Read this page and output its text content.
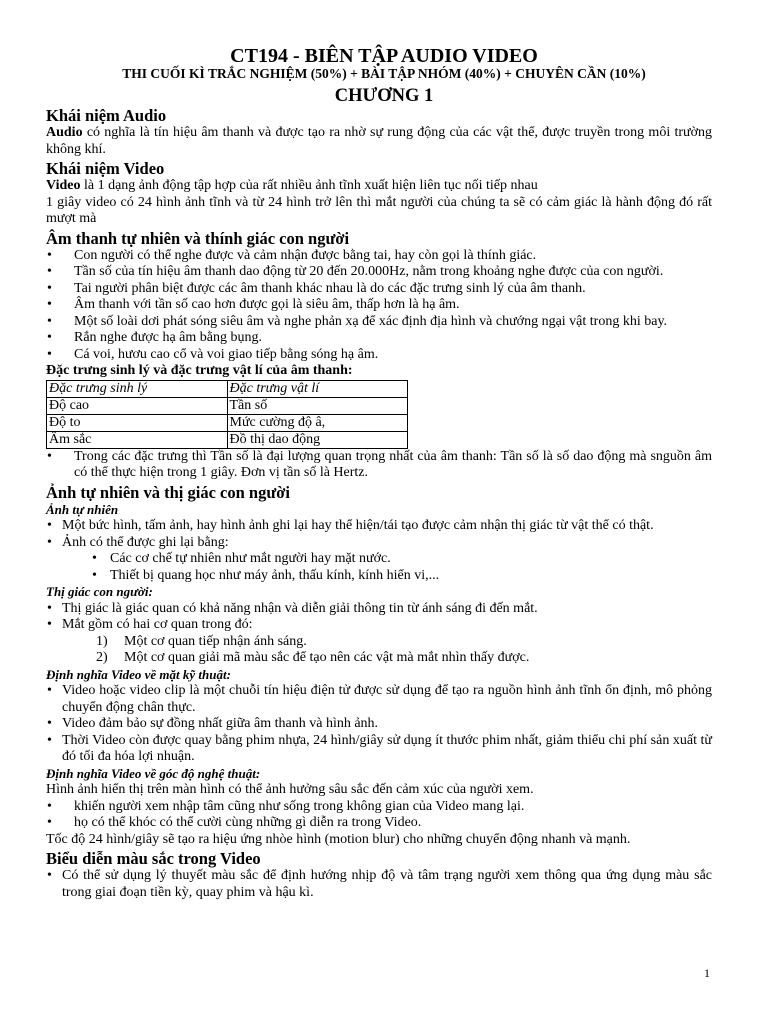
CT194 - BIÊN TẬP AUDIO VIDEO
THI CUỐI KÌ TRẮC NGHIỆM (50%) + BÀI TẬP NHÓM (40%) + CHUYÊN CẦN (10%)
CHƯƠNG 1
Khái niệm Audio

Audio có nghĩa là tín hiệu âm thanh và được tạo ra nhờ sự rung động của các vật thể, được truyền trong môi trường không khí.

Khái niệm Video

Video là 1 dạng ảnh động tập hợp của rất nhiều ảnh tĩnh xuất hiện liên tục nối tiếp nhau

1 giây video có 24 hình ảnh tĩnh và từ 24 hình trở lên thì mắt người của chúng ta sẽ có cảm giác là hành động đó rất mượt mà

Âm thanh tự nhiên và thính giác con người
• Con người có thể nghe được và cảm nhận được bằng tai, hay còn gọi là thính giác.
• Tần số của tín hiệu âm thanh dao động từ 20 đến 20.000Hz, nằm trong khoảng nghe được của con người.
• Tai người phân biệt được các âm thanh khác nhau là do các đặc trưng sinh lý của âm thanh.
• Âm thanh với tần số cao hơn được gọi là siêu âm, thấp hơn là hạ âm.
• Một số loài dơi phát sóng siêu âm và nghe phản xạ để xác định địa hình và chướng ngại vật trong khi bay.
• Rắn nghe được hạ âm bằng bụng.
• Cá voi, hươu cao cổ và voi giao tiếp bằng sóng hạ âm.
Đặc trưng sinh lý và đặc trưng vật lí của âm thanh:
Đặc trưng sinh lý	Đặc trưng vật lí
Độ cao	Tần số
Độ to	Mức cường độ â,
Âm sắc	Đồ thị dao động
• Trong các đặc trưng thì Tần số là đại lượng quan trọng nhất của âm thanh: Tần số là số dao động mà snguồn âm có thể thực hiện trong 1 giây. Đơn vị tần số là Hertz.
Ảnh tự nhiên và thị giác con người
Ảnh tự nhiên
• Một bức hình, tấm ảnh, hay hình ảnh ghi lại hay thể hiện/tái tạo được cảm nhận thị giác từ vật thể có thật.
• Ảnh có thể được ghi lại bằng:
• Các cơ chế tự nhiên như mắt người hay mặt nước.
• Thiết bị quang học như máy ảnh, thấu kính, kính hiển vi,...
Thị giác con người:
• Thị giác là giác quan có khả năng nhận và diễn giải thông tin từ ánh sáng đi đến mắt.
• Mắt gồm có hai cơ quan trong đó:
1) Một cơ quan tiếp nhận ánh sáng.
2) Một cơ quan giải mã màu sắc để tạo nên các vật mà mắt nhìn thấy được.
Định nghĩa Video về mặt kỹ thuật:
• Video hoặc video clip là một chuỗi tín hiệu điện tử được sử dụng để tạo ra nguồn hình ảnh tĩnh ổn định, mô phỏng chuyển động chân thực.
• Video đảm bảo sự đồng nhất giữa âm thanh và hình ảnh.
• Thời Video còn được quay bằng phim nhựa, 24 hình/giây sử dụng ít thước phim nhất, giảm thiểu chi phí sản xuất từ đó tối đa hóa lợi nhuận.
Định nghĩa Video về góc độ nghệ thuật:

Hình ảnh hiển thị trên màn hình có thể ảnh hưởng sâu sắc đến cảm xúc của người xem.

• khiến người xem nhập tâm cũng như sống trong không gian của Video mang lại.
• họ có thể khóc có thể cười cùng những gì diễn ra trong Video.

Tốc độ 24 hình/giây sẽ tạo ra hiệu ứng nhòe hình (motion blur) cho những chuyển động nhanh và mạnh.

Biểu diễn màu sắc trong Video
• Có thể sử dụng lý thuyết màu sắc để định hướng nhịp độ và tâm trạng người xem thông qua ứng dụng màu sắc trong giai đoạn tiền kỳ, quay phim và hậu kì.
1
